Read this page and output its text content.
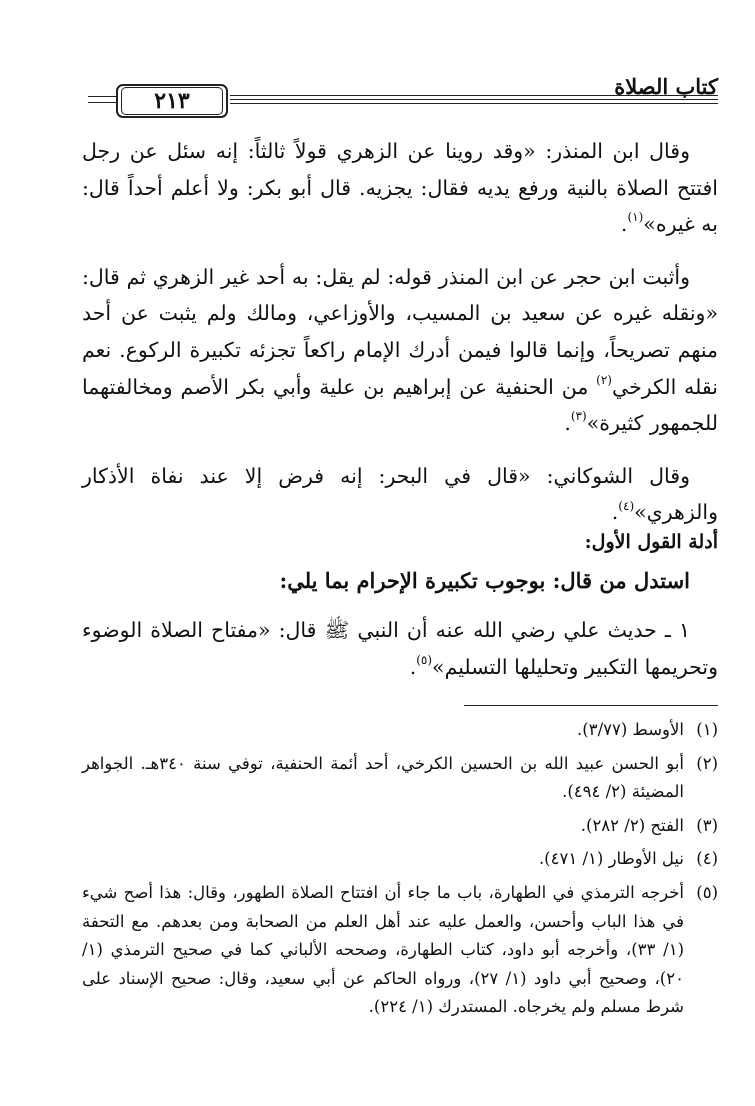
كتاب الصلاة
٢١٣

وقال ابن المنذر: «وقد روينا عن الزهري قولاً ثالثاً: إنه سئل عن رجل افتتح الصلاة بالنية ورفع يديه فقال: يجزيه. قال أبو بكر: ولا أعلم أحداً قال: به غيره»$^{(١)}$.

وأثبت ابن حجر عن ابن المنذر قوله: لم يقل: به أحد غير الزهري ثم قال: «ونقله غيره عن سعيد بن المسيب، والأوزاعي، ومالك ولم يثبت عن أحد منهم تصريحاً، وإنما قالوا فيمن أدرك الإمام راكعاً تجزئه تكبيرة الركوع. نعم نقله الكرخي$^{(٢)}$ من الحنفية عن إبراهيم بن علية وأبي بكر الأصم ومخالفتهما للجمهور كثيرة»$^{(٣)}$.

وقال الشوكاني: «قال في البحر: إنه فرض إلا عند نفاة الأذكار والزهري»$^{(٤)}$.

أدلة القول الأول:
استدل من قال: بوجوب تكبيرة الإحرام بما يلي:

١ ـ حديث علي رضي الله عنه أن النبي ﷺ قال: «مفتاح الصلاة الوضوء وتحريمها التكبير وتحليلها التسليم»$^{(٥)}$.

(١)
الأوسط (٣/٧٧).
(٢)
أبو الحسن عبيد الله بن الحسين الكرخي، أحد أئمة الحنفية، توفي سنة ٣٤٠هـ. الجواهر المضيئة (٢/ ٤٩٤).
(٣)
الفتح (٢/ ٢٨٢).
(٤)
نيل الأوطار (١/ ٤٧١).
(٥)
أخرجه الترمذي في الطهارة، باب ما جاء أن افتتاح الصلاة الطهور، وقال: هذا أصح شيء في هذا الباب وأحسن، والعمل عليه عند أهل العلم من الصحابة ومن بعدهم. مع التحفة (١/ ٣٣)، وأخرجه أبو داود، كتاب الطهارة، وصححه الألباني كما في صحيح الترمذي (١/ ٢٠)، وصحيح أبي داود (١/ ٢٧)، ورواه الحاكم عن أبي سعيد، وقال: صحيح الإسناد على شرط مسلم ولم يخرجاه. المستدرك (١/ ٢٢٤).
